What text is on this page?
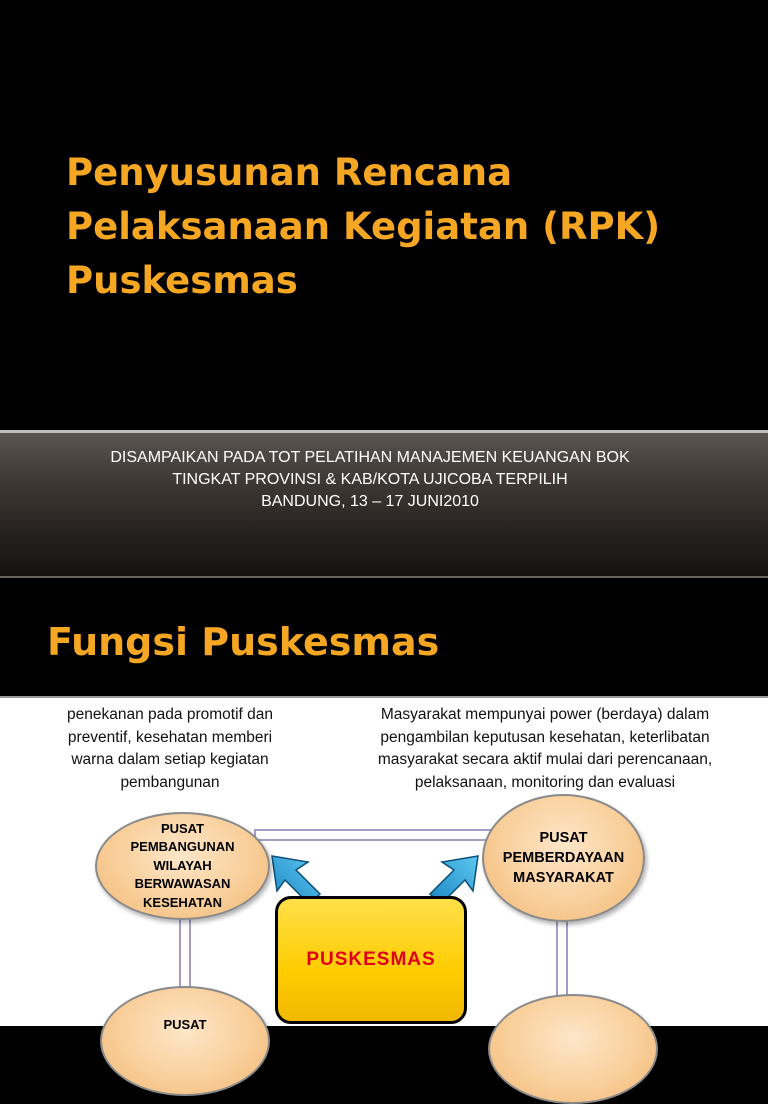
Penyusunan Rencana
Pelaksanaan Kegiatan (RPK)
Puskesmas
DISAMPAIKAN PADA TOT PELATIHAN MANAJEMEN KEUANGAN BOK
TINGKAT PROVINSI & KAB/KOTA UJICOBA TERPILIH
BANDUNG, 13 – 17 JUNI2010
Fungsi Puskesmas
penekanan pada promotif dan
preventif, kesehatan memberi
warna dalam setiap kegiatan
pembangunan
Masyarakat mempunyai power (berdaya) dalam
pengambilan keputusan kesehatan, keterlibatan
masyarakat secara aktif mulai dari perencanaan,
pelaksanaan, monitoring dan evaluasi
PUSAT
PEMBANGUNAN
WILAYAH
BERWAWASAN
KESEHATAN
PUSAT
PEMBERDAYAAN
MASYARAKAT
PUSAT
PUSKESMAS
